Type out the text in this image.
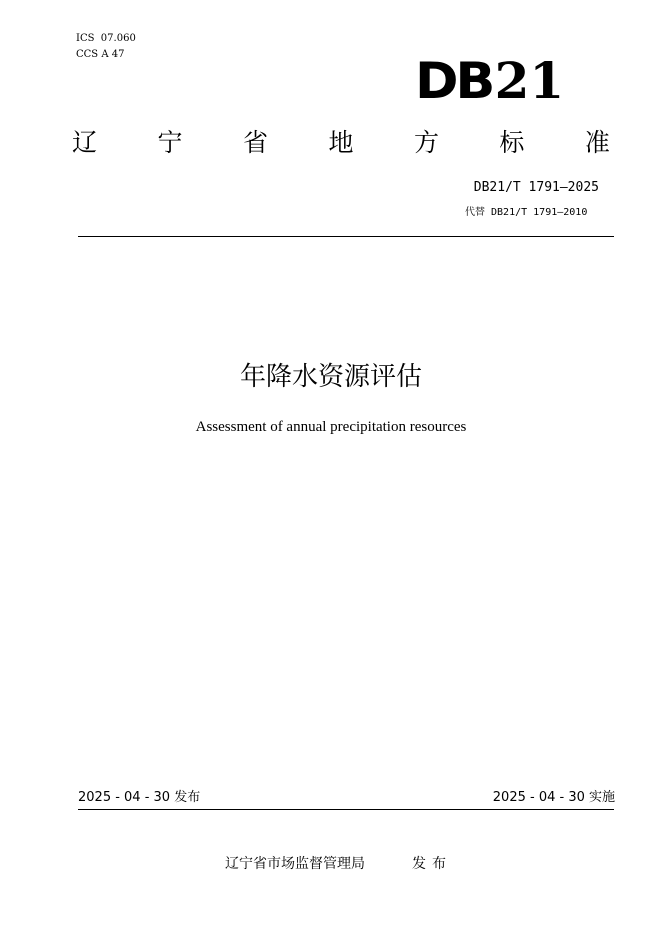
ICS  07.060
CCS A 47	DB 21
辽 宁 省 地 方 标 准
DB21/T 1791—2025
代替 DB21/T 1791—2010
年降水资源评估
Assessment of annual precipitation resources
2025 - 04 - 30 发布	2025 - 04 - 30 实施
辽宁省市场监督管理局	发布
